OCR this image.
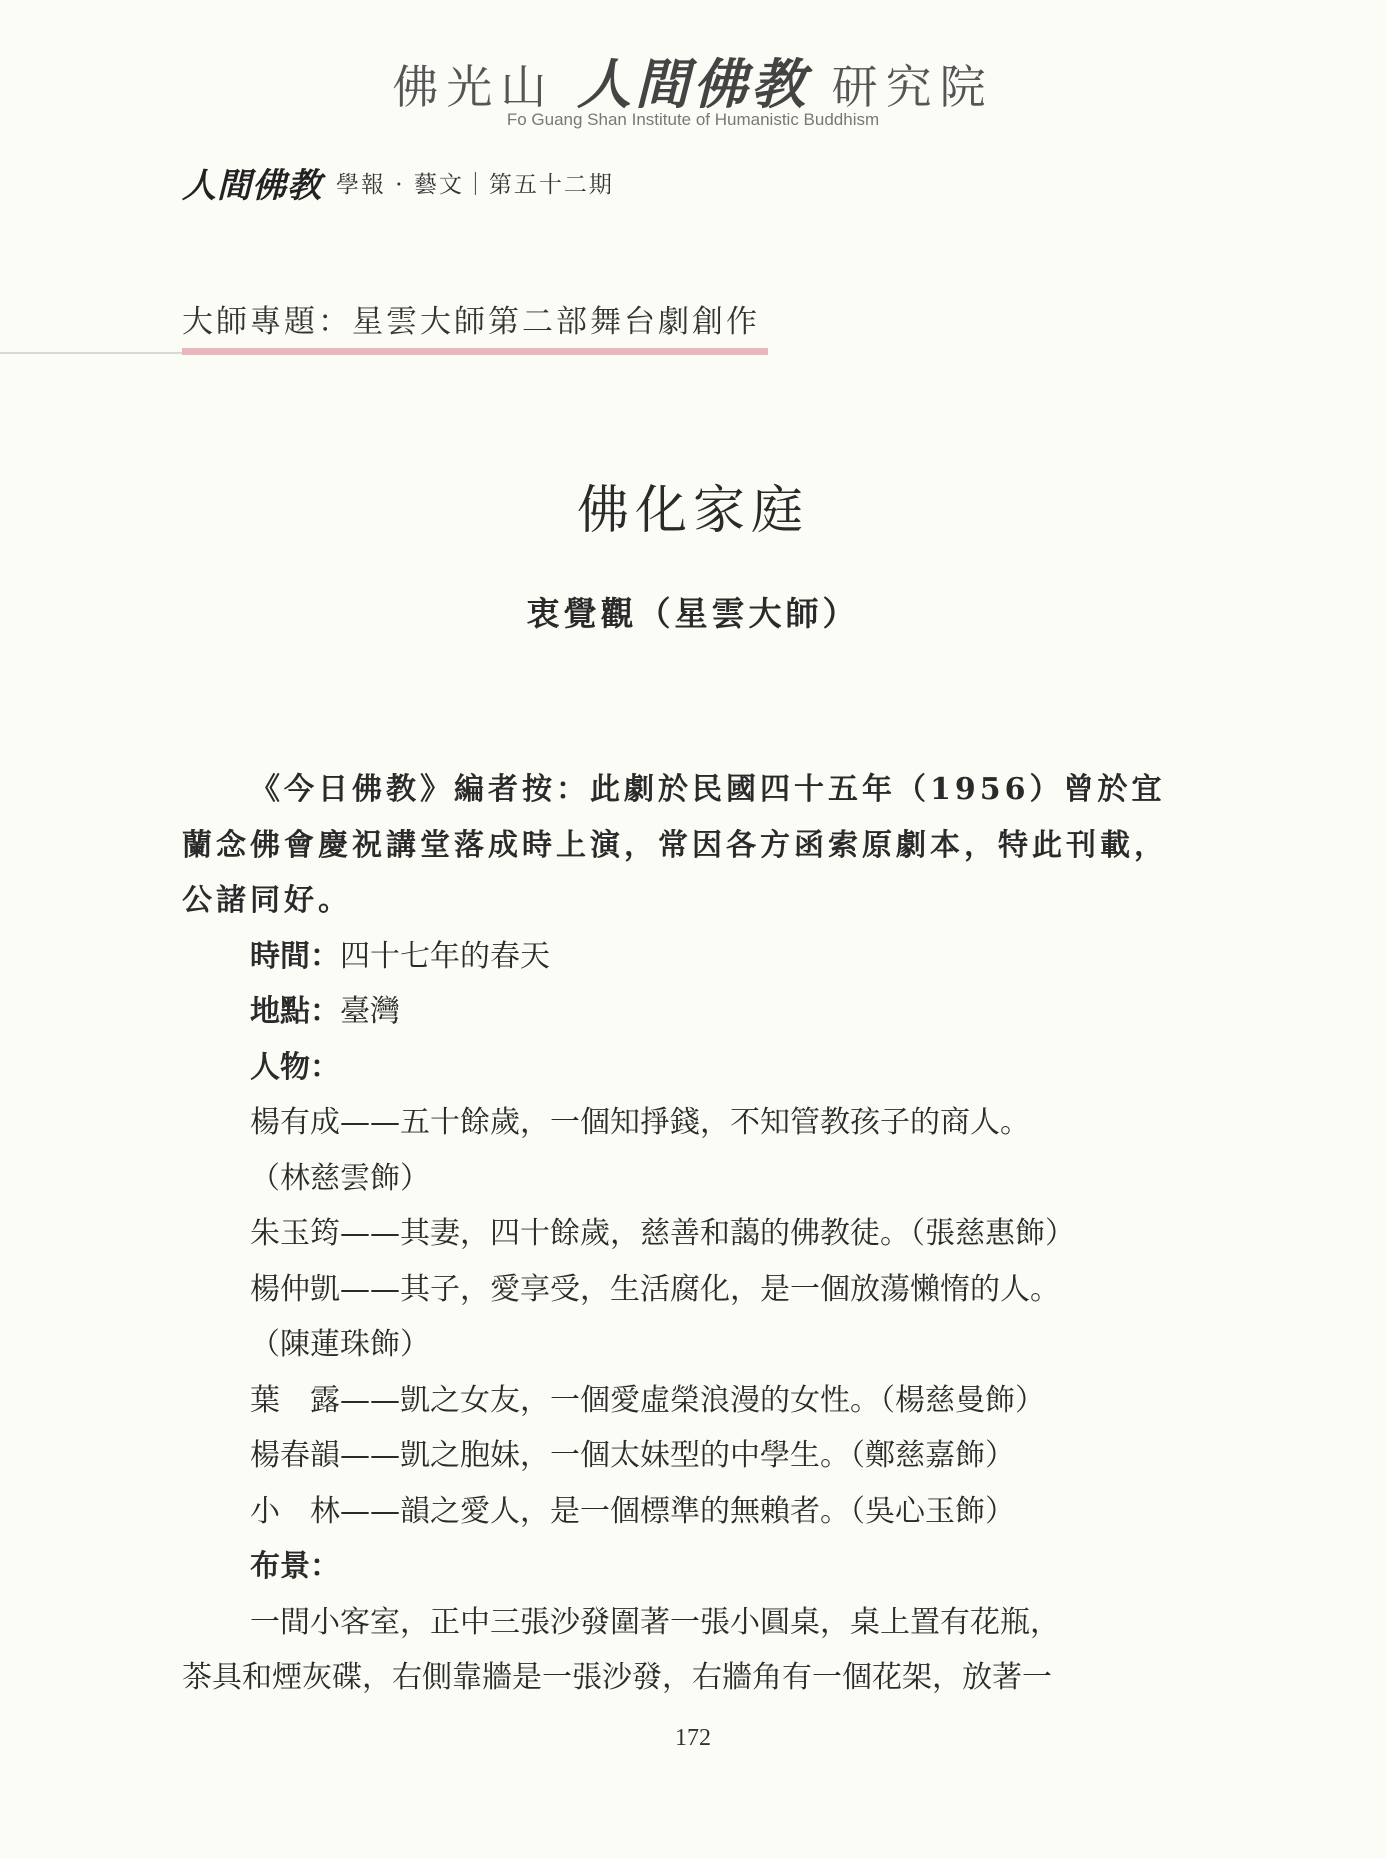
佛光山 人間佛教 研究院
Fo Guang Shan Institute of Humanistic Buddhism
人間佛教 學報 · 藝文｜第五十二期
大師專題：星雲大師第二部舞台劇創作
佛化家庭
衷覺觀（星雲大師）

《今日佛教》編者按：此劇於民國四十五年（1956）曾於宜蘭念佛會慶祝講堂落成時上演，常因各方函索原劇本，特此刊載，公諸同好。

時間：四十七年的春天

地點：臺灣

人物：

楊有成——五十餘歲，一個知掙錢，不知管教孩子的商人。

（林慈雲飾）

朱玉筠——其妻，四十餘歲，慈善和藹的佛教徒。（張慈惠飾）

楊仲凱——其子，愛享受，生活腐化，是一個放蕩懶惰的人。

（陳蓮珠飾）

葉　露——凱之女友，一個愛虛榮浪漫的女性。（楊慈曼飾）

楊春韻——凱之胞妹，一個太妹型的中學生。（鄭慈嘉飾）

小　林——韻之愛人，是一個標準的無賴者。（吳心玉飾）

布景：

一間小客室，正中三張沙發圍著一張小圓桌，桌上置有花瓶，

茶具和煙灰碟，右側靠牆是一張沙發，右牆角有一個花架，放著一

172
